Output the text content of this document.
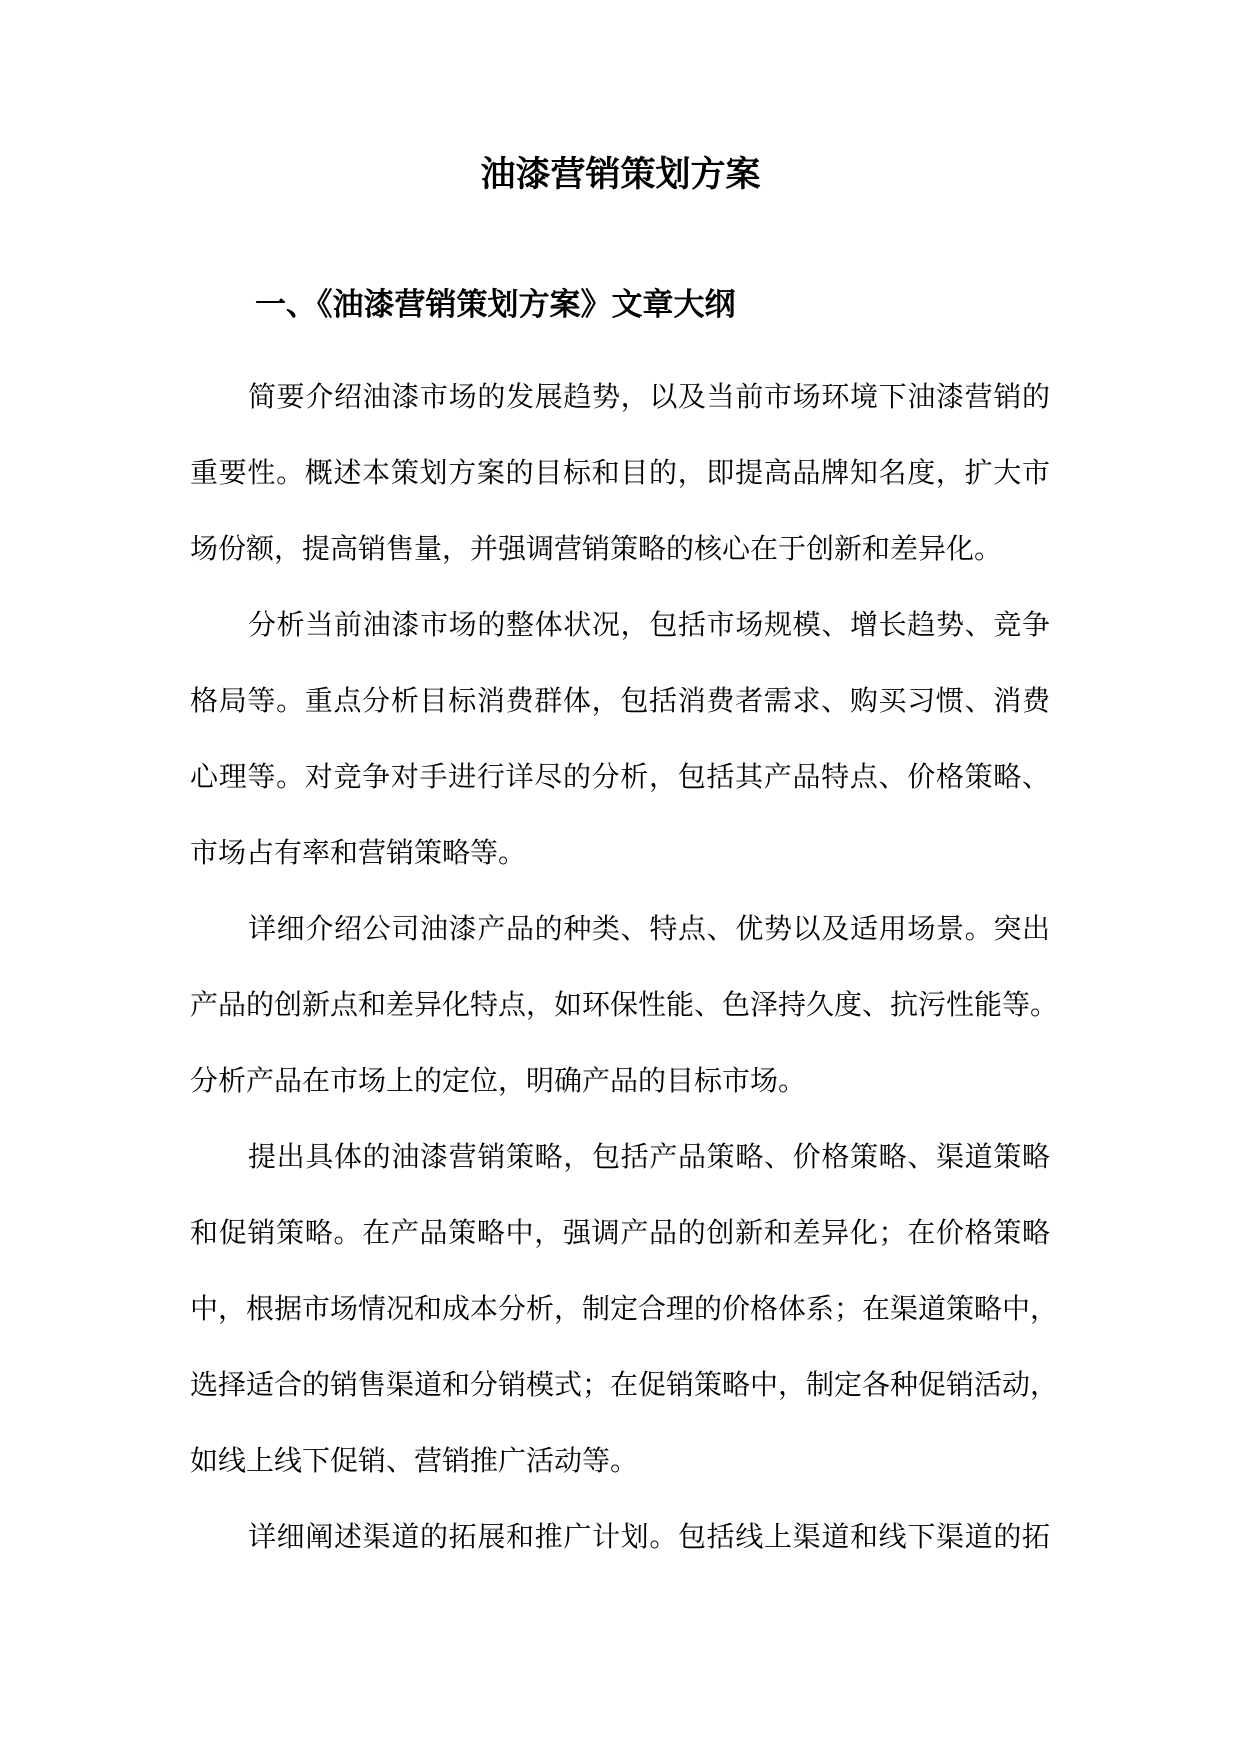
油漆营销策划方案
一、《油漆营销策划方案》文章大纲

简要介绍油漆市场的发展趋势，以及当前市场环境下油漆营销的
重要性。概述本策划方案的目标和目的，即提高品牌知名度，扩大市
场份额，提高销售量，并强调营销策略的核心在于创新和差异化。

分析当前油漆市场的整体状况，包括市场规模、增长趋势、竞争
格局等。重点分析目标消费群体，包括消费者需求、购买习惯、消费
心理等。对竞争对手进行详尽的分析，包括其产品特点、价格策略、
市场占有率和营销策略等。

详细介绍公司油漆产品的种类、特点、优势以及适用场景。突出
产品的创新点和差异化特点，如环保性能、色泽持久度、抗污性能等。
分析产品在市场上的定位，明确产品的目标市场。

提出具体的油漆营销策略，包括产品策略、价格策略、渠道策略
和促销策略。在产品策略中，强调产品的创新和差异化；在价格策略
中，根据市场情况和成本分析，制定合理的价格体系；在渠道策略中，
选择适合的销售渠道和分销模式；在促销策略中，制定各种促销活动，
如线上线下促销、营销推广活动等。

详细阐述渠道的拓展和推广计划。包括线上渠道和线下渠道的拓
